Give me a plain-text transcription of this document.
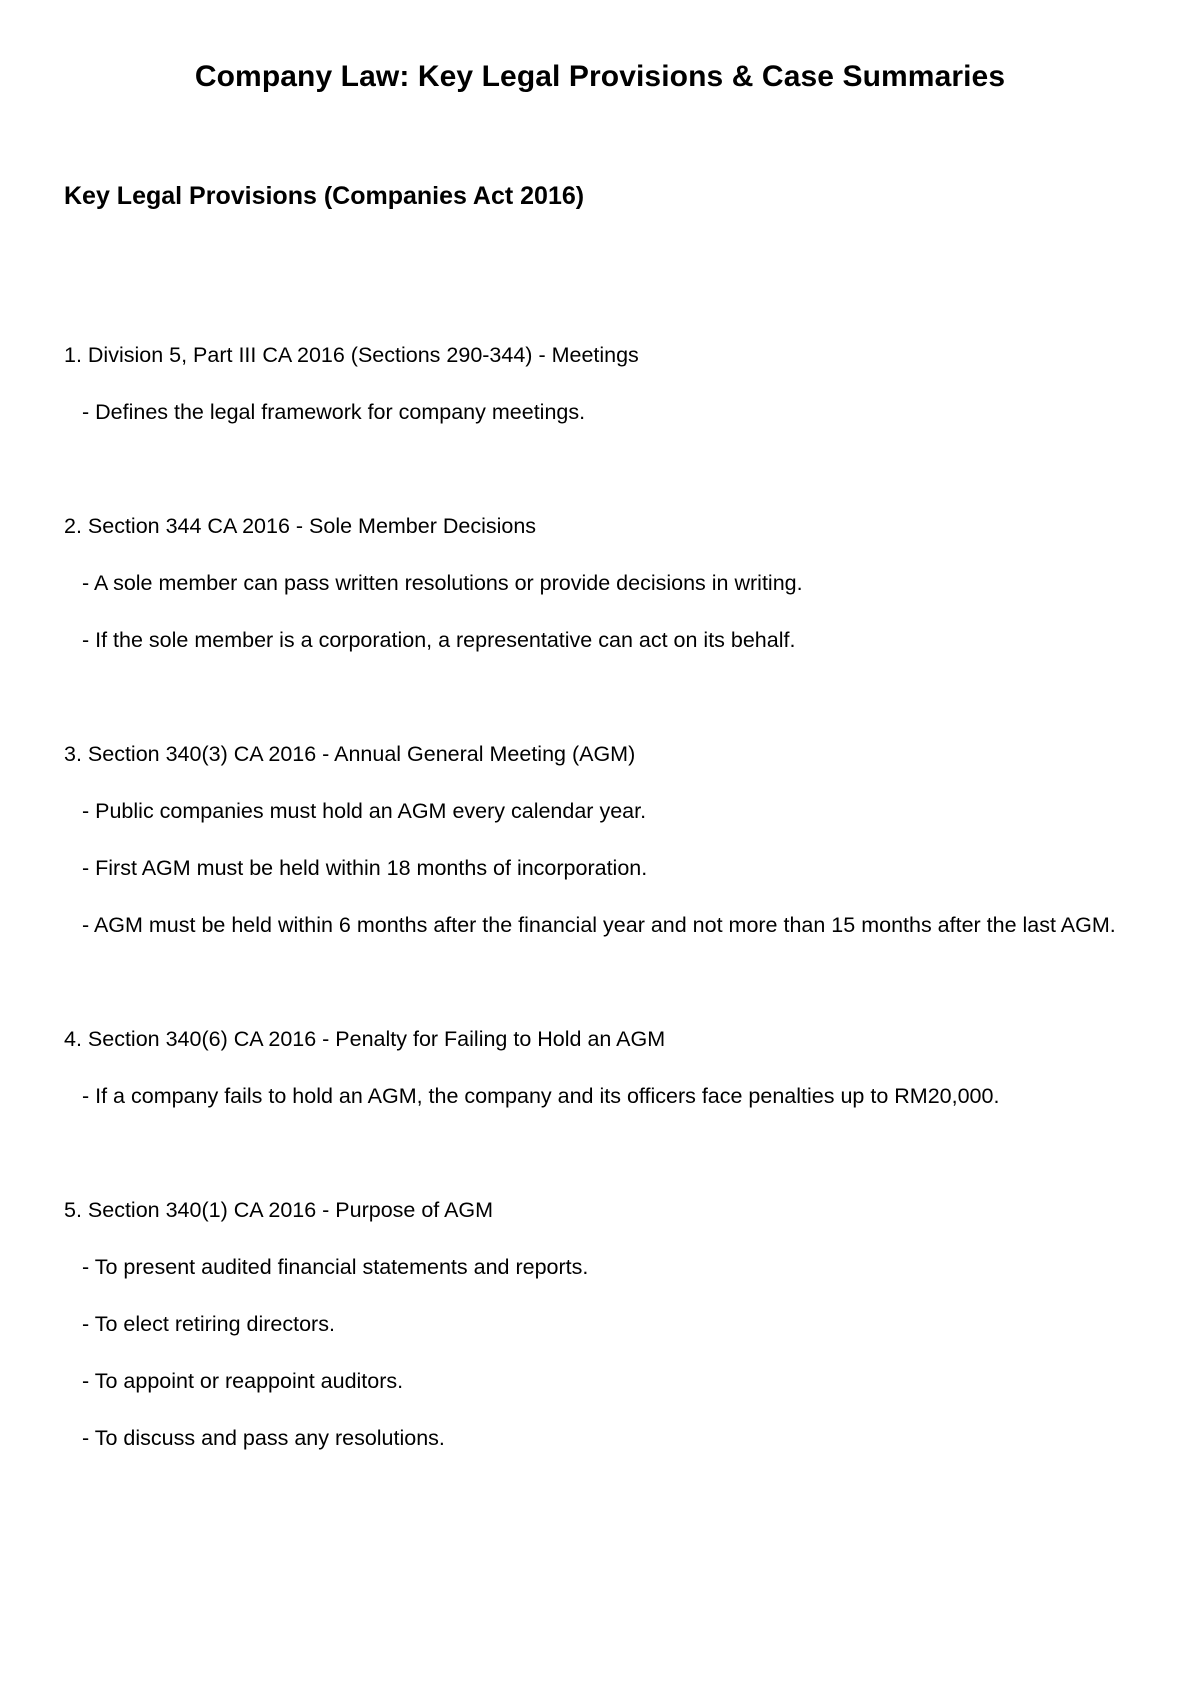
Company Law: Key Legal Provisions & Case Summaries
Key Legal Provisions (Companies Act 2016)

1. Division 5, Part III CA 2016 (Sections 290-344) - Meetings

- Defines the legal framework for company meetings.

2. Section 344 CA 2016 - Sole Member Decisions

- A sole member can pass written resolutions or provide decisions in writing.

- If the sole member is a corporation, a representative can act on its behalf.

3. Section 340(3) CA 2016 - Annual General Meeting (AGM)

- Public companies must hold an AGM every calendar year.

- First AGM must be held within 18 months of incorporation.

- AGM must be held within 6 months after the financial year and not more than 15 months after the last AGM.

4. Section 340(6) CA 2016 - Penalty for Failing to Hold an AGM

- If a company fails to hold an AGM, the company and its officers face penalties up to RM20,000.

5. Section 340(1) CA 2016 - Purpose of AGM

- To present audited financial statements and reports.

- To elect retiring directors.

- To appoint or reappoint auditors.

- To discuss and pass any resolutions.
